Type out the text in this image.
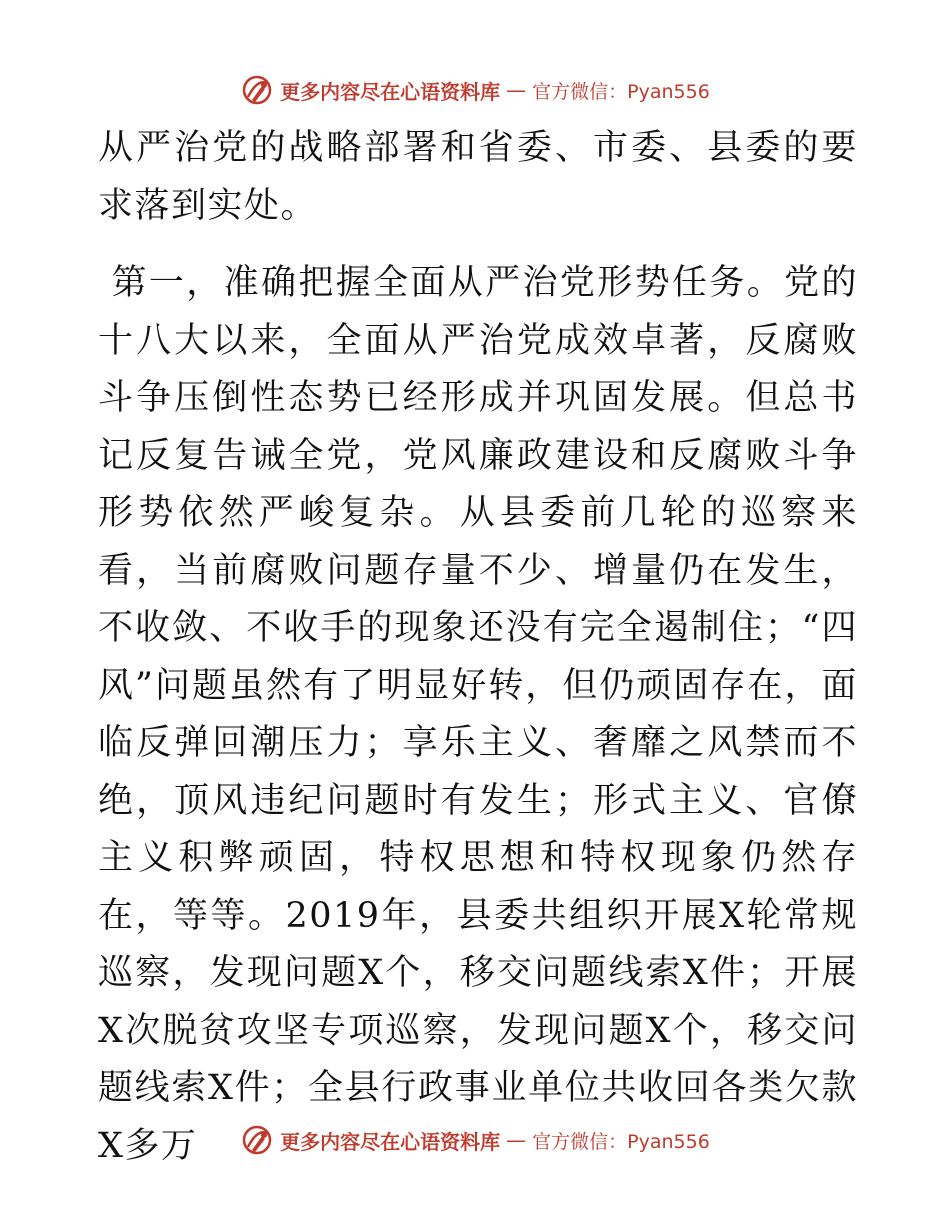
更多内容尽在心语资料库 — 官方微信：Pyan556

从严治党的战略部署和省委、市委、县委的要求落到实处。

第一，准确把握全面从严治党形势任务。党的十八大以来，全面从严治党成效卓著，反腐败斗争压倒性态势已经形成并巩固发展。但总书记反复告诫全党，党风廉政建设和反腐败斗争形势依然严峻复杂。从县委前几轮的巡察来看，当前腐败问题存量不少、增量仍在发生，不收敛、不收手的现象还没有完全遏制住；“四风”问题虽然有了明显好转，但仍顽固存在，面临反弹回潮压力；享乐主义、奢靡之风禁而不绝，顶风违纪问题时有发生；形式主义、官僚主义积弊顽固，特权思想和特权现象仍然存在，等等。2019年，县委共组织开展X轮常规巡察，发现问题X个，移交问题线索X件；开展X次脱贫攻坚专项巡察，发现问题X个，移交问题线索X件；全县行政事业单位共收回各类欠款X多万	更多内容尽在心语资料库 — 官方微信：Pyan556
